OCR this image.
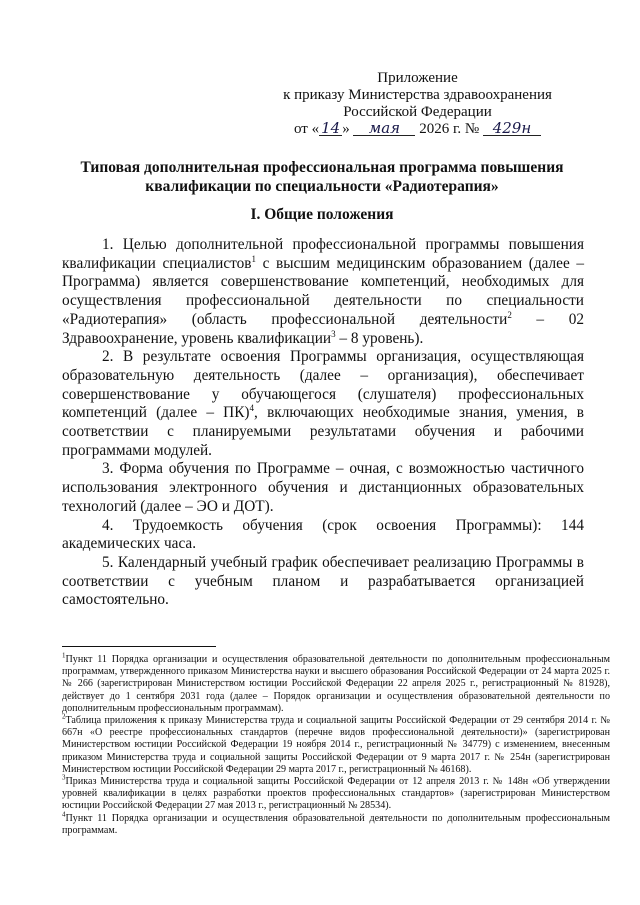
Приложение
к приказу Министерства здравоохранения
Российской Федерации
от « 14 » мая 2026 г. № 429н
Типовая дополнительная профессиональная программа повышения
квалификации по специальности «Радиотерапия»
I. Общие положения

1. Целью дополнительной профессиональной программы повышения квалификации специалистов$^1$ с высшим медицинским образованием (далее – Программа) является совершенствование компетенций, необходимых для осуществления профессиональной деятельности по специальности «Радиотерапия» (область профессиональной деятельности$^2$ – 02 Здравоохранение, уровень квалификации$^3$ – 8 уровень).

2. В результате освоения Программы организация, осуществляющая образовательную деятельность (далее – организация), обеспечивает совершенствование у обучающегося (слушателя) профессиональных компетенций (далее – ПК)$^4$, включающих необходимые знания, умения, в соответствии с планируемыми результатами обучения и рабочими программами модулей.

3. Форма обучения по Программе – очная, с возможностью частичного использования электронного обучения и дистанционных образовательных технологий (далее – ЭО и ДОТ).

4. Трудоемкость обучения (срок освоения Программы): 144 академических часа.

5. Календарный учебный график обеспечивает реализацию Программы в соответствии с учебным планом и разрабатывается организацией самостоятельно.

$^1$Пункт 11 Порядка организации и осуществления образовательной деятельности по дополнительным профессиональным программам, утвержденного приказом Министерства науки и высшего образования Российской Федерации от 24 марта 2025 г. № 266 (зарегистрирован Министерством юстиции Российской Федерации 22 апреля 2025 г., регистрационный № 81928), действует до 1 сентября 2031 года (далее – Порядок организации и осуществления образовательной деятельности по дополнительным профессиональным программам).

$^2$Таблица приложения к приказу Министерства труда и социальной защиты Российской Федерации от 29 сентября 2014 г. № 667н «О реестре профессиональных стандартов (перечне видов профессиональной деятельности)» (зарегистрирован Министерством юстиции Российской Федерации 19 ноября 2014 г., регистрационный № 34779) с изменением, внесенным приказом Министерства труда и социальной защиты Российской Федерации от 9 марта 2017 г. № 254н (зарегистрирован Министерством юстиции Российской Федерации 29 марта 2017 г., регистрационный № 46168).

$^3$Приказ Министерства труда и социальной защиты Российской Федерации от 12 апреля 2013 г. № 148н «Об утверждении уровней квалификации в целях разработки проектов профессиональных стандартов» (зарегистрирован Министерством юстиции Российской Федерации 27 мая 2013 г., регистрационный № 28534).

$^4$Пункт 11 Порядка организации и осуществления образовательной деятельности по дополнительным профессиональным программам.
